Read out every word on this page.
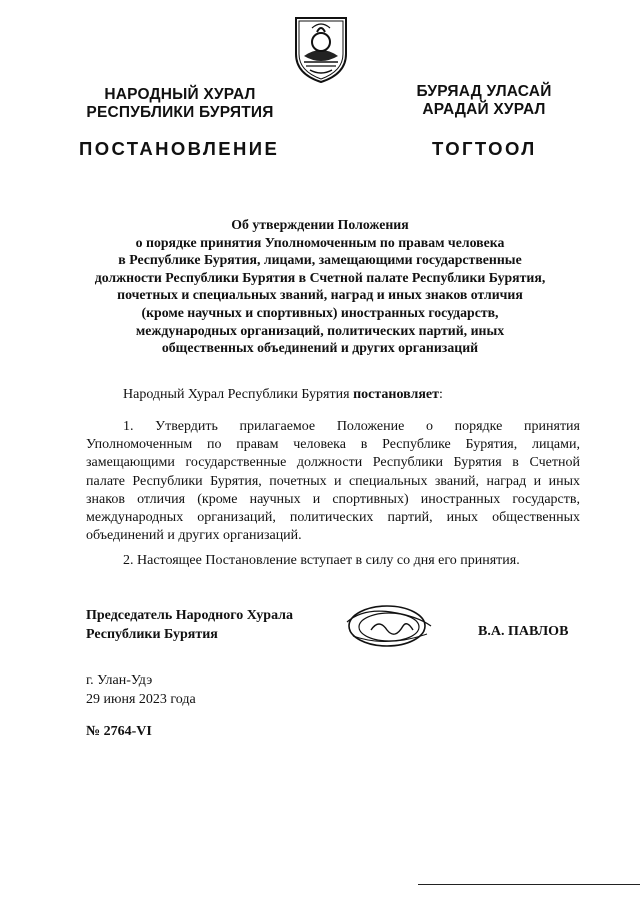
НАРОДНЫЙ ХУРАЛ
РЕСПУБЛИКИ БУРЯТИЯ
БУРЯАД УЛАСАЙ
АРАДАЙ ХУРАЛ
ПОСТАНОВЛЕНИЕ	ТОГТООЛ
Об утверждении Положения
о порядке принятия Уполномоченным по правам человека
в Республике Бурятия, лицами, замещающими государственные
должности Республики Бурятия в Счетной палате Республики Бурятия,
почетных и специальных званий, наград и иных знаков отличия
(кроме научных и спортивных) иностранных государств,
международных организаций, политических партий, иных
общественных объединений и других организаций
Народный Хурал Республики Бурятия постановляет:
1. Утвердить прилагаемое Положение о порядке принятия Уполномоченным по правам человека в Республике Бурятия, лицами, замещающими государственные должности Республики Бурятия в Счетной палате Республики Бурятия, почетных и специальных званий, наград и иных знаков отличия (кроме научных и спортивных) иностранных государств, международных организаций, политических партий, иных общественных объединений и других организаций.
2. Настоящее Постановление вступает в силу со дня его принятия.
Председатель Народного Хурала
Республики Бурятия	В.А. ПАВЛОВ
г. Улан-Удэ
29 июня 2023 года
№ 2764-VI
